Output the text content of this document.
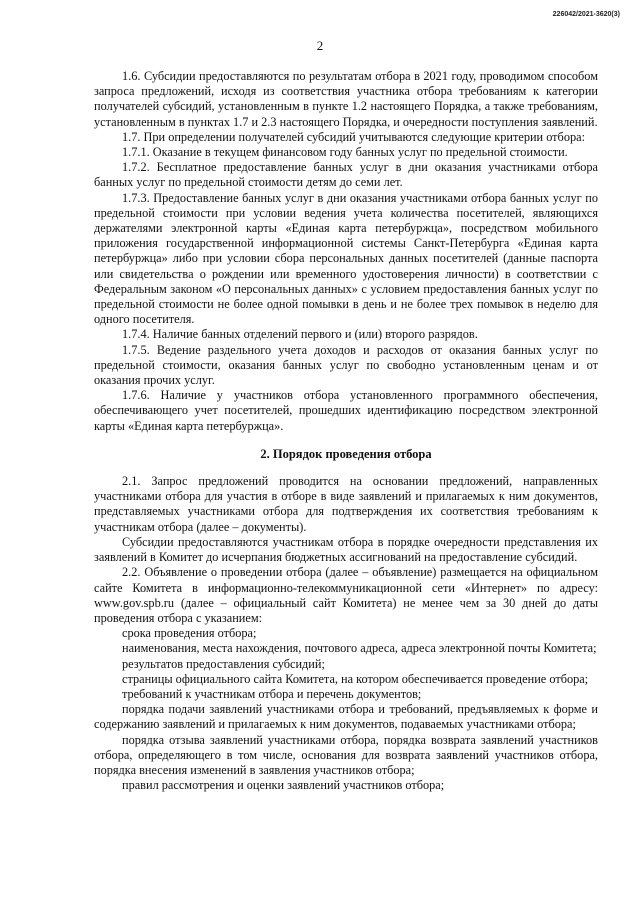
226042/2021-3620(3)
2

1.6. Субсидии предоставляются по результатам отбора в 2021 году, проводимом способом запроса предложений, исходя из соответствия участника отбора требованиям к категории получателей субсидий, установленным в пункте 1.2 настоящего Порядка, а также требованиям, установленным в пунктах 1.7 и 2.3 настоящего Порядка, и очередности поступления заявлений.

1.7. При определении получателей субсидий учитываются следующие критерии отбора:

1.7.1. Оказание в текущем финансовом году банных услуг по предельной стоимости.

1.7.2. Бесплатное предоставление банных услуг в дни оказания участниками отбора банных услуг по предельной стоимости детям до семи лет.

1.7.3. Предоставление банных услуг в дни оказания участниками отбора банных услуг по предельной стоимости при условии ведения учета количества посетителей, являющихся держателями электронной карты «Единая карта петербуржца», посредством мобильного приложения государственной информационной системы Санкт-Петербурга «Единая карта петербуржца» либо при условии сбора персональных данных посетителей (данные паспорта или свидетельства о рождении или временного удостоверения личности) в соответствии с Федеральным законом «О персональных данных» с условием предоставления банных услуг по предельной стоимости не более одной помывки в день и не более трех помывок в неделю для одного посетителя.

1.7.4. Наличие банных отделений первого и (или) второго разрядов.

1.7.5. Ведение раздельного учета доходов и расходов от оказания банных услуг по предельной стоимости, оказания банных услуг по свободно установленным ценам и от оказания прочих услуг.

1.7.6. Наличие у участников отбора установленного программного обеспечения, обеспечивающего учет посетителей, прошедших идентификацию посредством электронной карты «Единая карта петербуржца».

2. Порядок проведения отбора

2.1. Запрос предложений проводится на основании предложений, направленных участниками отбора для участия в отборе в виде заявлений и прилагаемых к ним документов, представляемых участниками отбора для подтверждения их соответствия требованиям к участникам отбора (далее – документы).

Субсидии предоставляются участникам отбора в порядке очередности представления их заявлений в Комитет до исчерпания бюджетных ассигнований на предоставление субсидий.

2.2. Объявление о проведении отбора (далее – объявление) размещается на официальном сайте Комитета в информационно-телекоммуникационной сети «Интернет» по адресу: www.gov.spb.ru (далее – официальный сайт Комитета) не менее чем за 30 дней до даты проведения отбора с указанием:

срока проведения отбора;

наименования, места нахождения, почтового адреса, адреса электронной почты Комитета;

результатов предоставления субсидий;

страницы официального сайта Комитета, на котором обеспечивается проведение отбора;

требований к участникам отбора и перечень документов;

порядка подачи заявлений участниками отбора и требований, предъявляемых к форме и содержанию заявлений и прилагаемых к ним документов, подаваемых участниками отбора;

порядка отзыва заявлений участниками отбора, порядка возврата заявлений участников отбора, определяющего в том числе, основания для возврата заявлений участников отбора, порядка внесения изменений в заявления участников отбора;

правил рассмотрения и оценки заявлений участников отбора;
